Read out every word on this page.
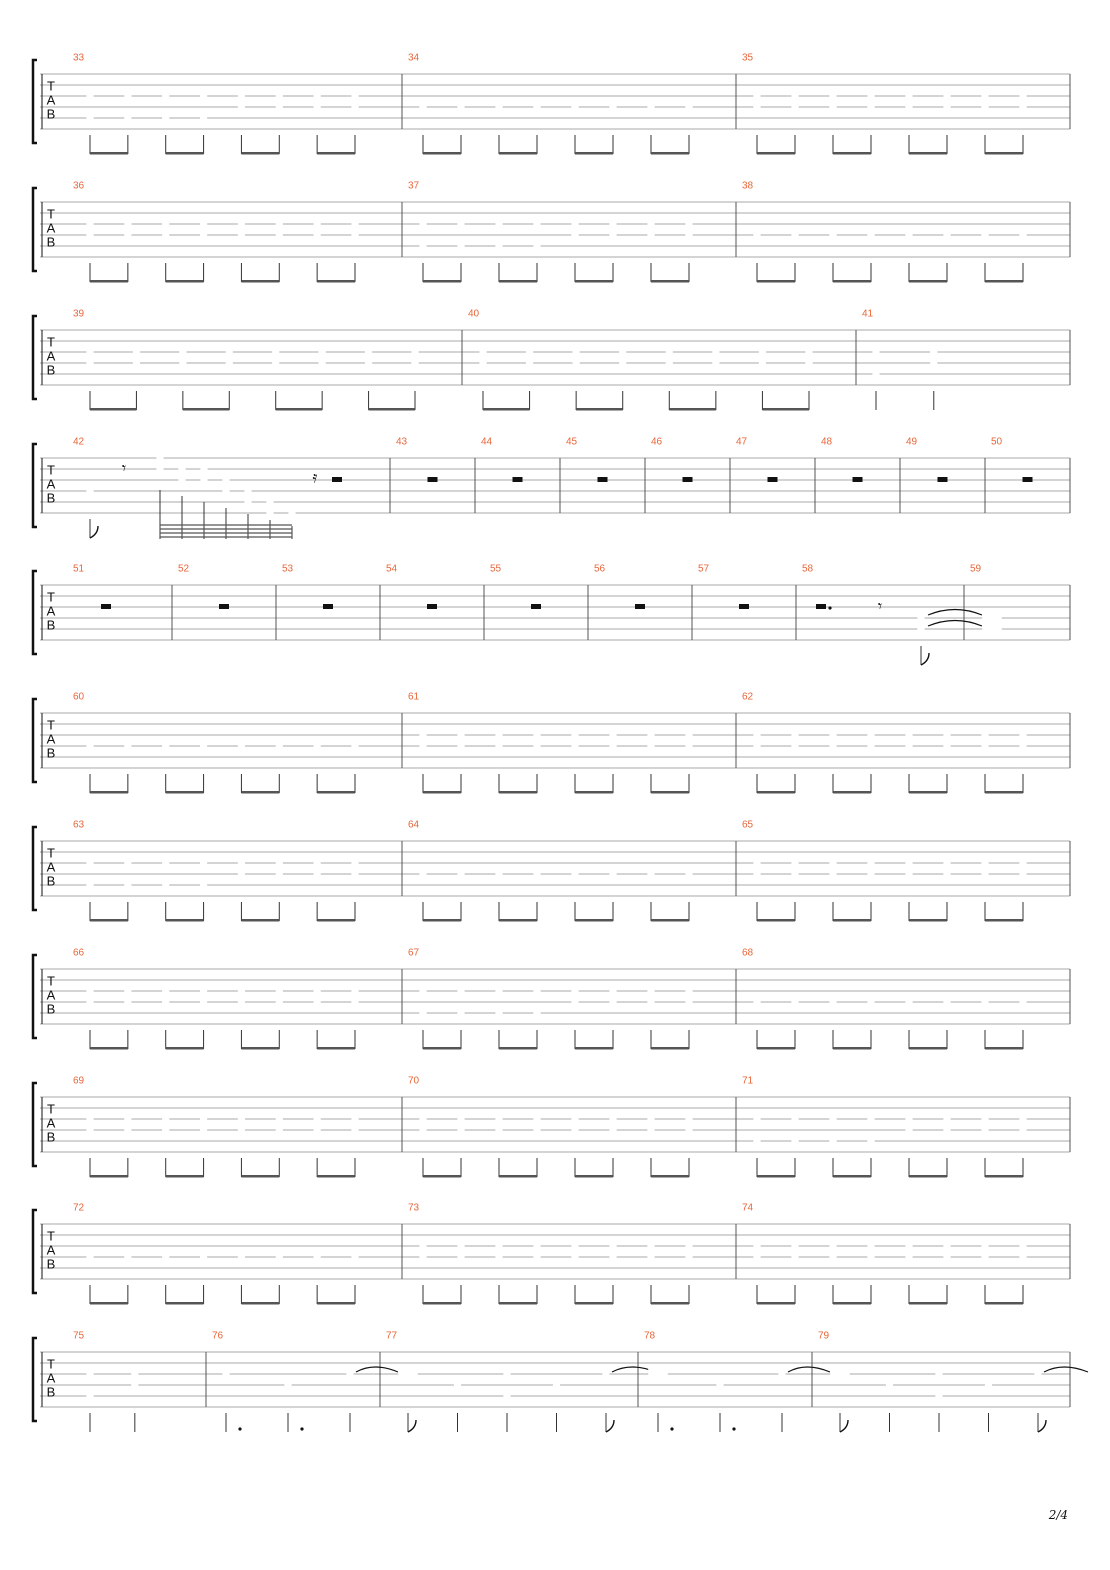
T
A
B
33	34	35
T
A
B
36	37	38
T
A
B
39	40	41
T
A
B
42	43	44	45	46	47	48	49	50
𝄾
𝄿
T
A
B
51	52	53	54	55	56	57	58	59
𝄾
T
A
B
60	61	62
T
A
B
63	64	65
T
A
B
66	67	68
T
A
B
69	70	71
T
A
B
72	73	74
T
A
B
75	76	77	78	79
2/4
